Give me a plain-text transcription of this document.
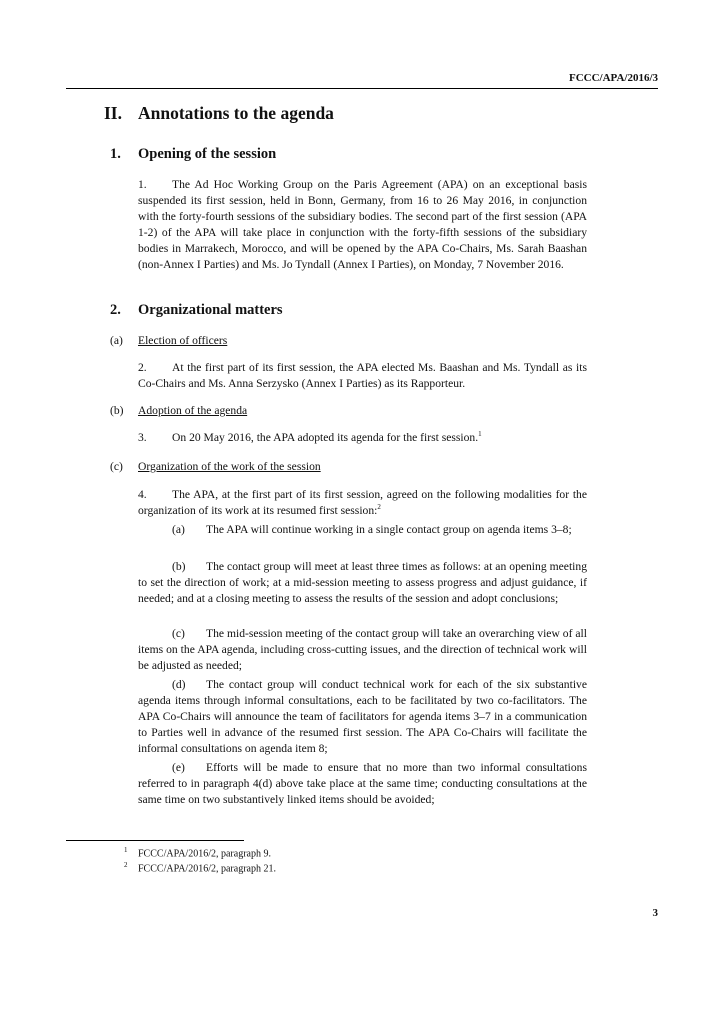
FCCC/APA/2016/3
II. Annotations to the agenda
1. Opening of the session
1. The Ad Hoc Working Group on the Paris Agreement (APA) on an exceptional basis suspended its first session, held in Bonn, Germany, from 16 to 26 May 2016, in conjunction with the forty-fourth sessions of the subsidiary bodies. The second part of the first session (APA 1-2) of the APA will take place in conjunction with the forty-fifth sessions of the subsidiary bodies in Marrakech, Morocco, and will be opened by the APA Co-Chairs, Ms. Sarah Baashan (non-Annex I Parties) and Ms. Jo Tyndall (Annex I Parties), on Monday, 7 November 2016.
2. Organizational matters
(a) Election of officers
2. At the first part of its first session, the APA elected Ms. Baashan and Ms. Tyndall as its Co-Chairs and Ms. Anna Serzysko (Annex I Parties) as its Rapporteur.
(b) Adoption of the agenda
3. On 20 May 2016, the APA adopted its agenda for the first session.$^1$
(c) Organization of the work of the session
4. The APA, at the first part of its first session, agreed on the following modalities for the organization of its work at its resumed first session:$^2$
(a) The APA will continue working in a single contact group on agenda items 3–8;
(b) The contact group will meet at least three times as follows: at an opening meeting to set the direction of work; at a mid-session meeting to assess progress and adjust guidance, if needed; and at a closing meeting to assess the results of the session and adopt conclusions;
(c) The mid-session meeting of the contact group will take an overarching view of all items on the APA agenda, including cross-cutting issues, and the direction of technical work will be adjusted as needed;
(d) The contact group will conduct technical work for each of the six substantive agenda items through informal consultations, each to be facilitated by two co-facilitators. The APA Co-Chairs will announce the team of facilitators for agenda items 3–7 in a communication to Parties well in advance of the resumed first session. The APA Co-Chairs will facilitate the informal consultations on agenda item 8;
(e) Efforts will be made to ensure that no more than two informal consultations referred to in paragraph 4(d) above take place at the same time; conducting consultations at the same time on two substantively linked items should be avoided;
1 FCCC/APA/2016/2, paragraph 9.
2 FCCC/APA/2016/2, paragraph 21.
3
